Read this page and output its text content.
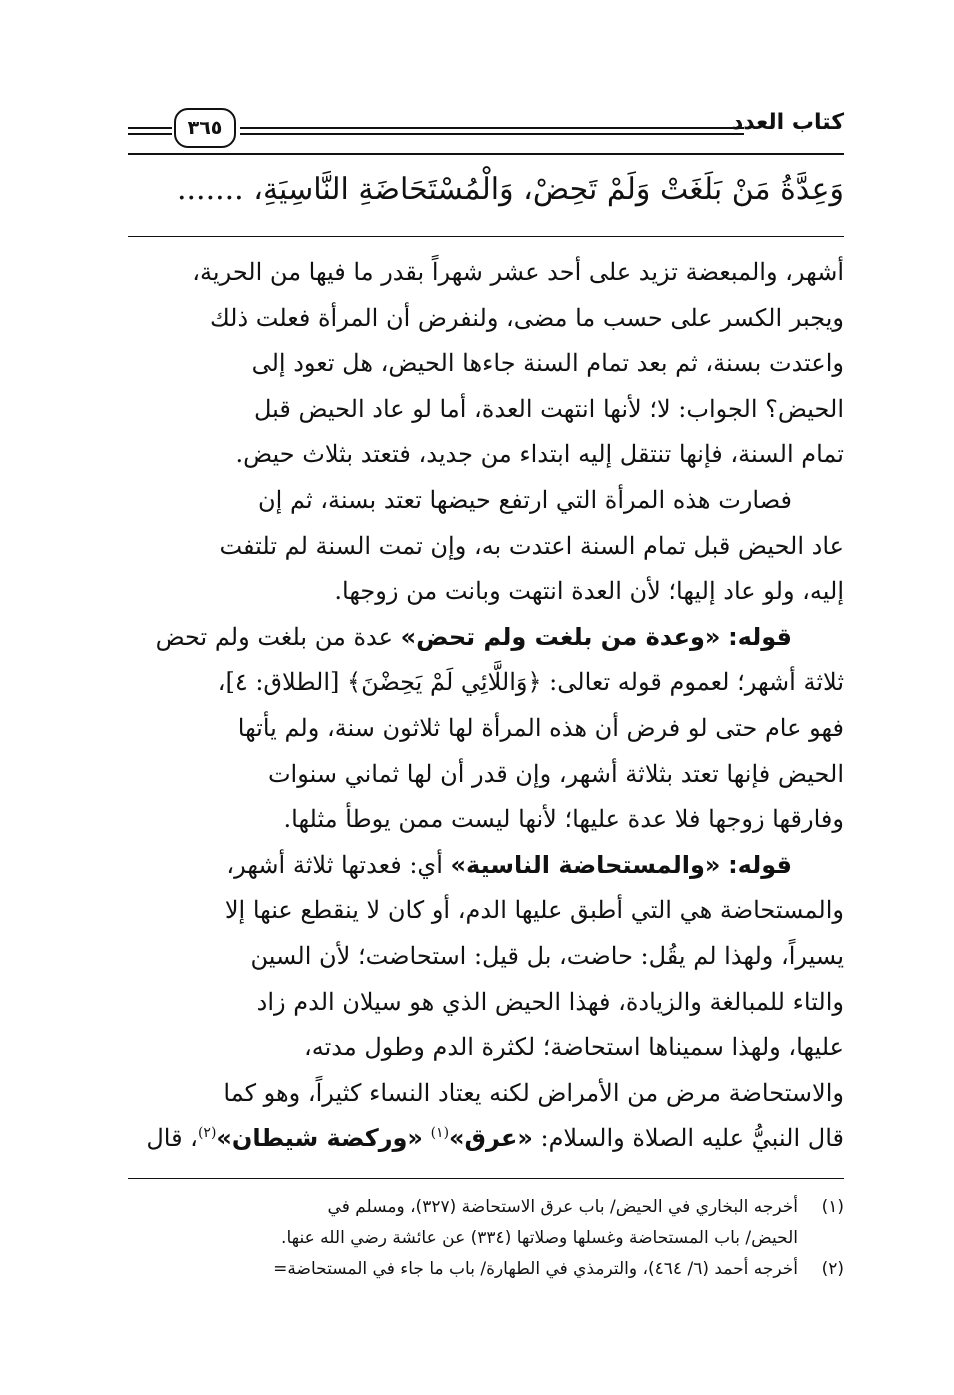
كتاب العدد
٣٦٥
وَعِدَّةُ مَنْ بَلَغَتْ وَلَمْ تَحِضْ، وَالْمُسْتَحَاضَةِ النَّاسِيَةِ، .......
أشهر، والمبعضة تزيد على أحد عشر شهراً بقدر ما فيها من الحرية،
ويجبر الكسر على حسب ما مضى، ولنفرض أن المرأة فعلت ذلك
واعتدت بسنة، ثم بعد تمام السنة جاءها الحيض، هل تعود إلى
الحيض؟ الجواب: لا؛ لأنها انتهت العدة، أما لو عاد الحيض قبل
تمام السنة، فإنها تنتقل إليه ابتداء من جديد، فتعتد بثلاث حيض.
فصارت هذه المرأة التي ارتفع حيضها تعتد بسنة، ثم إن
عاد الحيض قبل تمام السنة اعتدت به، وإن تمت السنة لم تلتفت
إليه، ولو عاد إليها؛ لأن العدة انتهت وبانت من زوجها.
قوله: «وعدة من بلغت ولم تحض» عدة من بلغت ولم تحض
ثلاثة أشهر؛ لعموم قوله تعالى: ﴿وَاللَّائِي لَمْ يَحِضْنَ﴾ [الطلاق: ٤]،
فهو عام حتى لو فرض أن هذه المرأة لها ثلاثون سنة، ولم يأتها
الحيض فإنها تعتد بثلاثة أشهر، وإن قدر أن لها ثماني سنوات
وفارقها زوجها فلا عدة عليها؛ لأنها ليست ممن يوطأ مثلها.
قوله: «والمستحاضة الناسية» أي: فعدتها ثلاثة أشهر،
والمستحاضة هي التي أطبق عليها الدم، أو كان لا ينقطع عنها إلا
يسيراً، ولهذا لم يقُل: حاضت، بل قيل: استحاضت؛ لأن السين
والتاء للمبالغة والزيادة، فهذا الحيض الذي هو سيلان الدم زاد
عليها، ولهذا سميناها استحاضة؛ لكثرة الدم وطول مدته،
والاستحاضة مرض من الأمراض لكنه يعتاد النساء كثيراً، وهو كما
قال النبيُّ عليه الصلاة والسلام: «عرق»$^{(١)}$ «وركضة شيطان»$^{(٢)}$، قال
(١)أخرجه البخاري في الحيض/ باب عرق الاستحاضة (٣٢٧)، ومسلم في
الحيض/ باب المستحاضة وغسلها وصلاتها (٣٣٤) عن عائشة رضي الله عنها.
(٢)أخرجه أحمد (٦/ ٤٦٤)، والترمذي في الطهارة/ باب ما جاء في المستحاضة=
